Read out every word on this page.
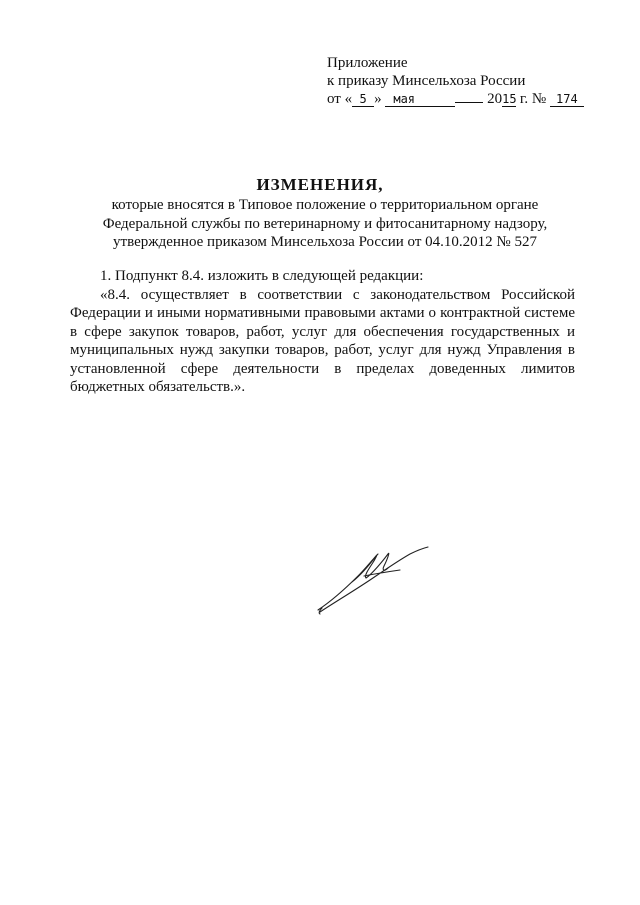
Приложение
к приказу Минсельхоза России
от « 5 » мая	2015 г. № 174
ИЗМЕНЕНИЯ,
которые вносятся в Типовое положение о территориальном органе
Федеральной службы по ветеринарному и фитосанитарному надзору,
утвержденное приказом Минсельхоза России от 04.10.2012 № 527

1. Подпункт 8.4. изложить в следующей редакции:

«8.4. осуществляет в соответствии с законодательством Российской Федерации и иными нормативными правовыми актами о контрактной системе в сфере закупок товаров, работ, услуг для обеспечения государственных и муниципальных нужд закупки товаров, работ, услуг для нужд Управления в установленной сфере деятельности в пределах доведенных лимитов бюджетных обязательств.».
